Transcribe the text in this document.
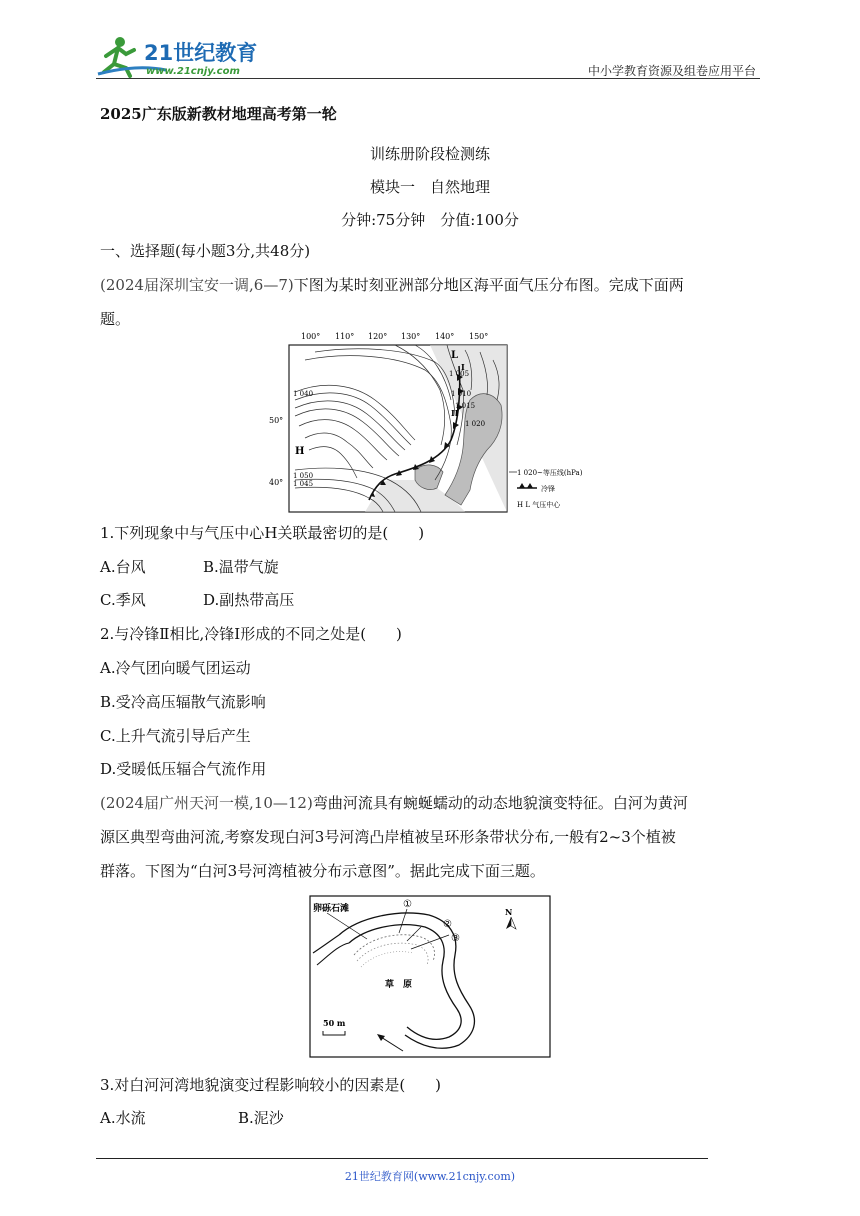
21世纪教育
www.21cnjy.com	中小学教育资源及组卷应用平台
2025广东版新教材地理高考第一轮
训练册阶段检测练
模块一　自然地理
分钟:75分钟　分值:100分
一、选择题(每小题3分,共48分)
(2024届深圳宝安一调,6—7)下图为某时刻亚洲部分地区海平面气压分布图。完成下面两
题。
100° 110° 120° 130° 140° 150°
50°
40°
L
H
1 040
1 050
1 045
1 005
1 010
1 015
1 020
I
II
1 020~等压线(hPa)
冷锋
H L 气压中心
1.下列现象中与气压中心H关联最密切的是(　　)
A.台风	B.温带气旋
C.季风	D.副热带高压
2.与冷锋Ⅱ相比,冷锋Ⅰ形成的不同之处是(　　)
A.冷气团向暖气团运动
B.受冷高压辐散气流影响
C.上升气流引导后产生
D.受暖低压辐合气流作用
(2024届广州天河一模,10—12)弯曲河流具有蜿蜒蠕动的动态地貌演变特征。白河为黄河
源区典型弯曲河流,考察发现白河3号河湾凸岸植被呈环形条带状分布,一般有2~3个植被
群落。下图为“白河3号河湾植被分布示意图”。据此完成下面三题。
卵砾石滩	①
②
③
草　原
N
50 m
3.对白河河湾地貌演变过程影响较小的因素是(　　)
A.水流	B.泥沙
21世纪教育网(www.21cnjy.com)
